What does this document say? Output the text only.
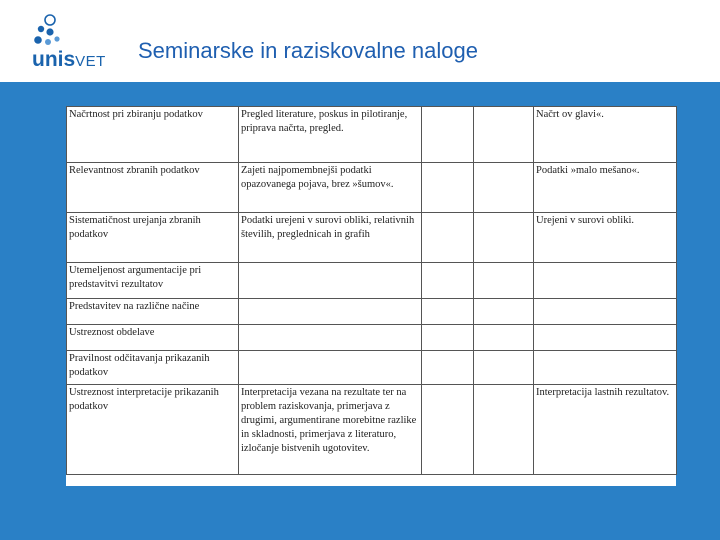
unisVET Seminarske in raziskovalne naloge
Načrtnost pri zbiranju podatkov	Pregled literature, poskus in pilotiranje, priprava načrta, pregled.			Načrt ov glavi«.
Relevantnost zbranih podatkov	Zajeti najpomembnejši podatki opazovanega pojava, brez »šumov«.			Podatki »malo mešano«.
Sistematičnost urejanja zbranih podatkov	Podatki urejeni v surovi obliki, relativnih številih, preglednicah in grafih			Urejeni v surovi obliki.
Utemeljenost argumentacije pri predstavitvi rezultatov				
Predstavitev na različne načine				
Ustreznost obdelave				
Pravilnost odčitavanja prikazanih podatkov				
Ustreznost interpretacije prikazanih podatkov	Interpretacija vezana na rezultate ter na problem raziskovanja, primerjava z drugimi, argumentirane morebitne razlike in skladnosti, primerjava z literaturo, izločanje bistvenih ugotovitev.			Interpretacija lastnih rezultatov.
